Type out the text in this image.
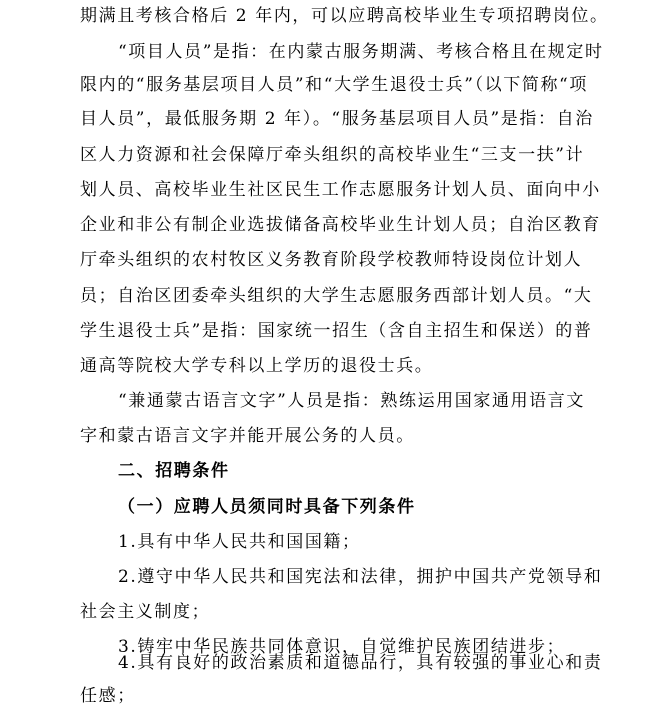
期满且考核合格后 2 年内，可以应聘高校毕业生专项招聘岗位。
“项目人员”是指：在内蒙古服务期满、考核合格且在规定时
限内的“服务基层项目人员”和“大学生退役士兵”（以下简称“项
目人员”，最低服务期 2 年）。“服务基层项目人员”是指：自治
区人力资源和社会保障厅牵头组织的高校毕业生“三支一扶”计
划人员、高校毕业生社区民生工作志愿服务计划人员、面向中小
企业和非公有制企业选拔储备高校毕业生计划人员；自治区教育
厅牵头组织的农村牧区义务教育阶段学校教师特设岗位计划人
员；自治区团委牵头组织的大学生志愿服务西部计划人员。“大
学生退役士兵”是指：国家统一招生（含自主招生和保送）的普
通高等院校大学专科以上学历的退役士兵。
“兼通蒙古语言文字”人员是指：熟练运用国家通用语言文
字和蒙古语言文字并能开展公务的人员。
二、招聘条件
（一）应聘人员须同时具备下列条件
1.具有中华人民共和国国籍；
2.遵守中华人民共和国宪法和法律，拥护中国共产党领导和
社会主义制度；
3.铸牢中华民族共同体意识，自觉维护民族团结进步；
4.具有良好的政治素质和道德品行，具有较强的事业心和责
任感；
